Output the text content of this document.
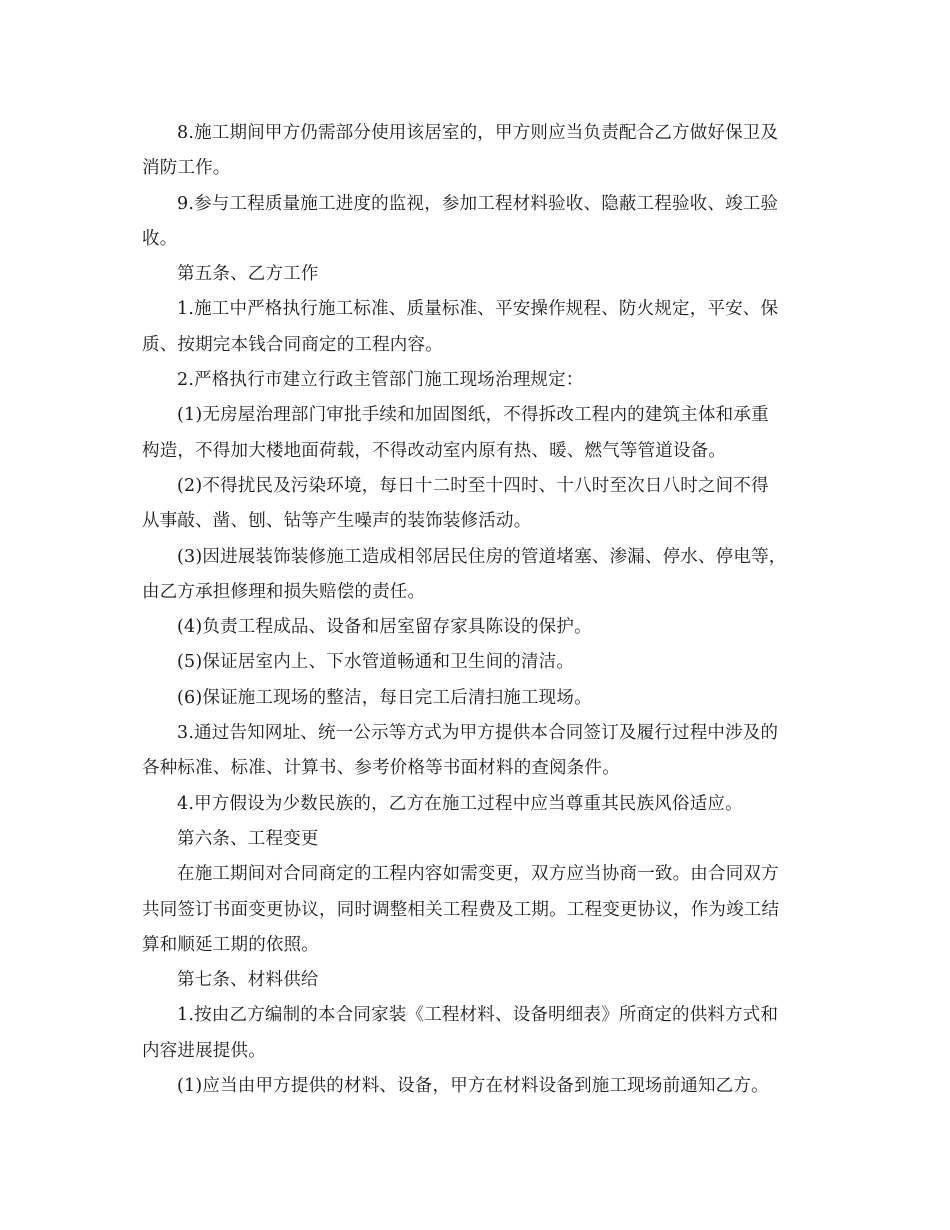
8.施工期间甲方仍需部分使用该居室的，甲方则应当负责配合乙方做好保卫及
消防工作。
9.参与工程质量施工进度的监视，参加工程材料验收、隐蔽工程验收、竣工验
收。
第五条、乙方工作
1.施工中严格执行施工标准、质量标准、平安操作规程、防火规定，平安、保
质、按期完本钱合同商定的工程内容。
2.严格执行市建立行政主管部门施工现场治理规定：
(1)无房屋治理部门审批手续和加固图纸，不得拆改工程内的建筑主体和承重
构造，不得加大楼地面荷载，不得改动室内原有热、暖、燃气等管道设备。
(2)不得扰民及污染环境，每日十二时至十四时、十八时至次日八时之间不得
从事敲、凿、刨、钻等产生噪声的装饰装修活动。
(3)因进展装饰装修施工造成相邻居民住房的管道堵塞、渗漏、停水、停电等，
由乙方承担修理和损失赔偿的责任。
(4)负责工程成品、设备和居室留存家具陈设的保护。
(5)保证居室内上、下水管道畅通和卫生间的清洁。
(6)保证施工现场的整洁，每日完工后清扫施工现场。
3.通过告知网址、统一公示等方式为甲方提供本合同签订及履行过程中涉及的
各种标准、标准、计算书、参考价格等书面材料的查阅条件。
4.甲方假设为少数民族的，乙方在施工过程中应当尊重其民族风俗适应。
第六条、工程变更
在施工期间对合同商定的工程内容如需变更，双方应当协商一致。由合同双方
共同签订书面变更协议，同时调整相关工程费及工期。工程变更协议，作为竣工结
算和顺延工期的依照。
第七条、材料供给
1.按由乙方编制的本合同家装《工程材料、设备明细表》所商定的供料方式和
内容进展提供。
(1)应当由甲方提供的材料、设备，甲方在材料设备到施工现场前通知乙方。
